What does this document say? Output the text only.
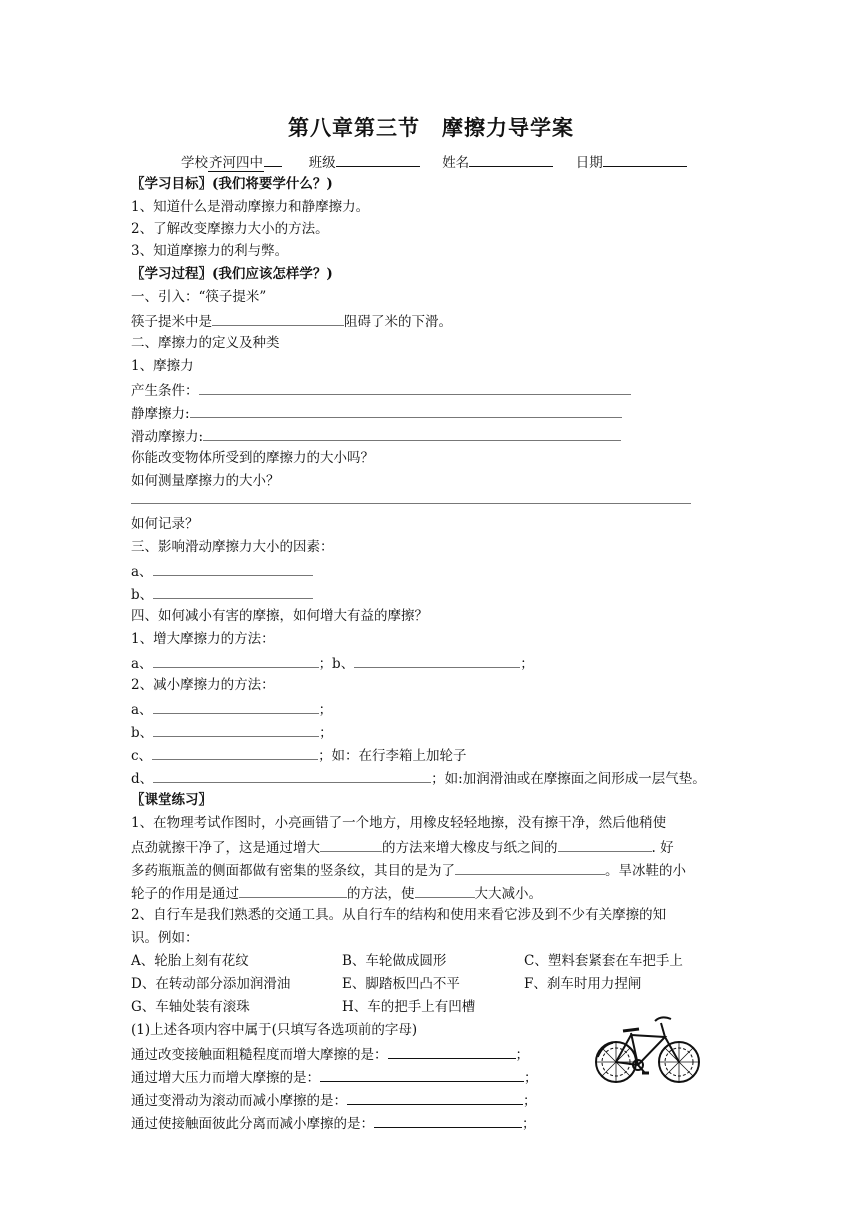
第八章第三节　摩擦力导学案
学校齐河四中	班级	姓名	日期
〖学习目标〗(我们将要学什么？)
1、知道什么是滑动摩擦力和静摩擦力。
2、了解改变摩擦力大小的方法。
3、知道摩擦力的利与弊。
〖学习过程〗(我们应该怎样学？)
一、引入：“筷子提米”
筷子提米中是	阻碍了米的下滑。
二、摩擦力的定义及种类
1、摩擦力
产生条件：
静摩擦力:
滑动摩擦力:
你能改变物体所受到的摩擦力的大小吗？
如何测量摩擦力的大小？
如何记录？
三、影响滑动摩擦力大小的因素：
a、
b、
四、如何减小有害的摩擦，如何增大有益的摩擦？
1、增大摩擦力的方法：
a、	；b、	；
2、减小摩擦力的方法：
a、	；
b、	；
c、	；如：在行李箱上加轮子
d、	；如:加润滑油或在摩擦面之间形成一层气垫。
〖课堂练习〗
1、在物理考试作图时，小亮画错了一个地方，用橡皮轻轻地擦，没有擦干净，然后他稍使
点劲就擦干净了，这是通过增大	的方法来增大橡皮与纸之间的	. 好
多药瓶瓶盖的侧面都做有密集的竖条纹，其目的是为了	。旱冰鞋的小
轮子的作用是通过	的方法，使	大大减小。
2、自行车是我们熟悉的交通工具。从自行车的结构和使用来看它涉及到不少有关摩擦的知
识。例如：
A、轮胎上刻有花纹	B、车轮做成圆形	C、塑料套紧套在车把手上
D、在转动部分添加润滑油	E、脚踏板凹凸不平	F、刹车时用力捏闸
G、车轴处装有滚珠	H、车的把手上有凹槽
(1)上述各项内容中属于(只填写各选项前的字母)
通过改变接触面粗糙程度而增大摩擦的是：	；
通过增大压力而增大摩擦的是：	；
通过变滑动为滚动而减小摩擦的是：	；
通过使接触面彼此分离而减小摩擦的是：	；
